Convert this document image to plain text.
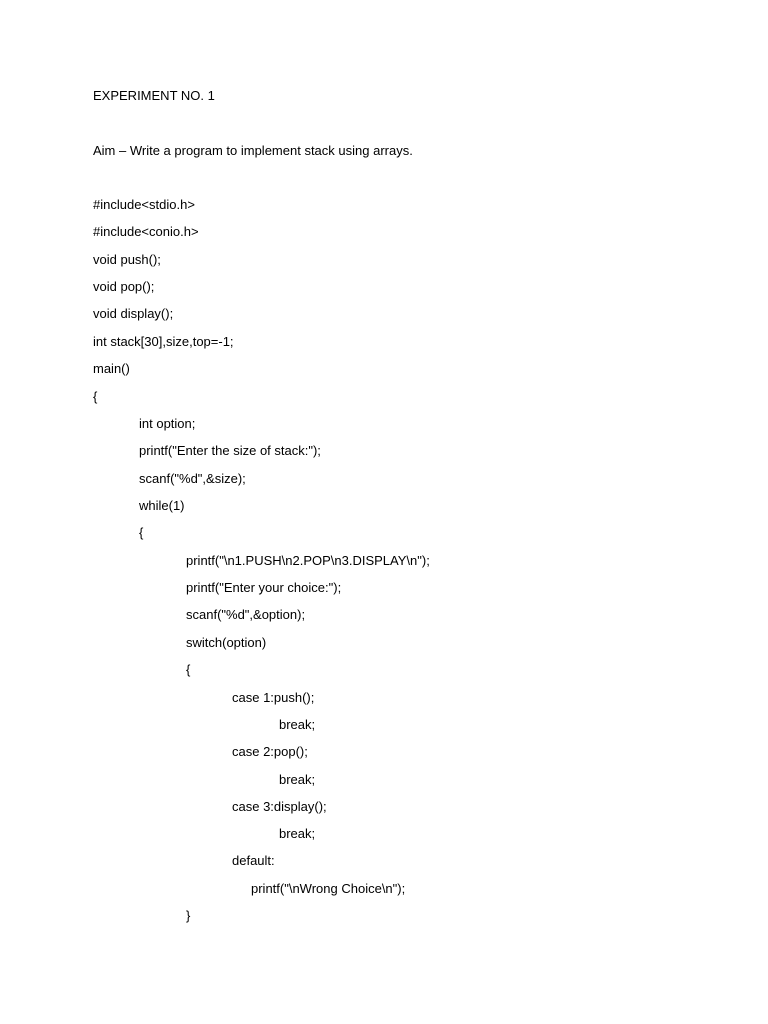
EXPERIMENT NO. 1
Aim – Write a program to implement stack using arrays.
#include<stdio.h>
#include<conio.h>
void push();
void pop();
void display();
int stack[30],size,top=-1;
main()
{
int option;
printf("Enter the size of stack:");
scanf("%d",&size);
while(1)
{
printf("\n1.PUSH\n2.POP\n3.DISPLAY\n");
printf("Enter your choice:");
scanf("%d",&option);
switch(option)
{
case 1:push();
break;
case 2:pop();
break;
case 3:display();
break;
default:
printf("\nWrong Choice\n");
}
